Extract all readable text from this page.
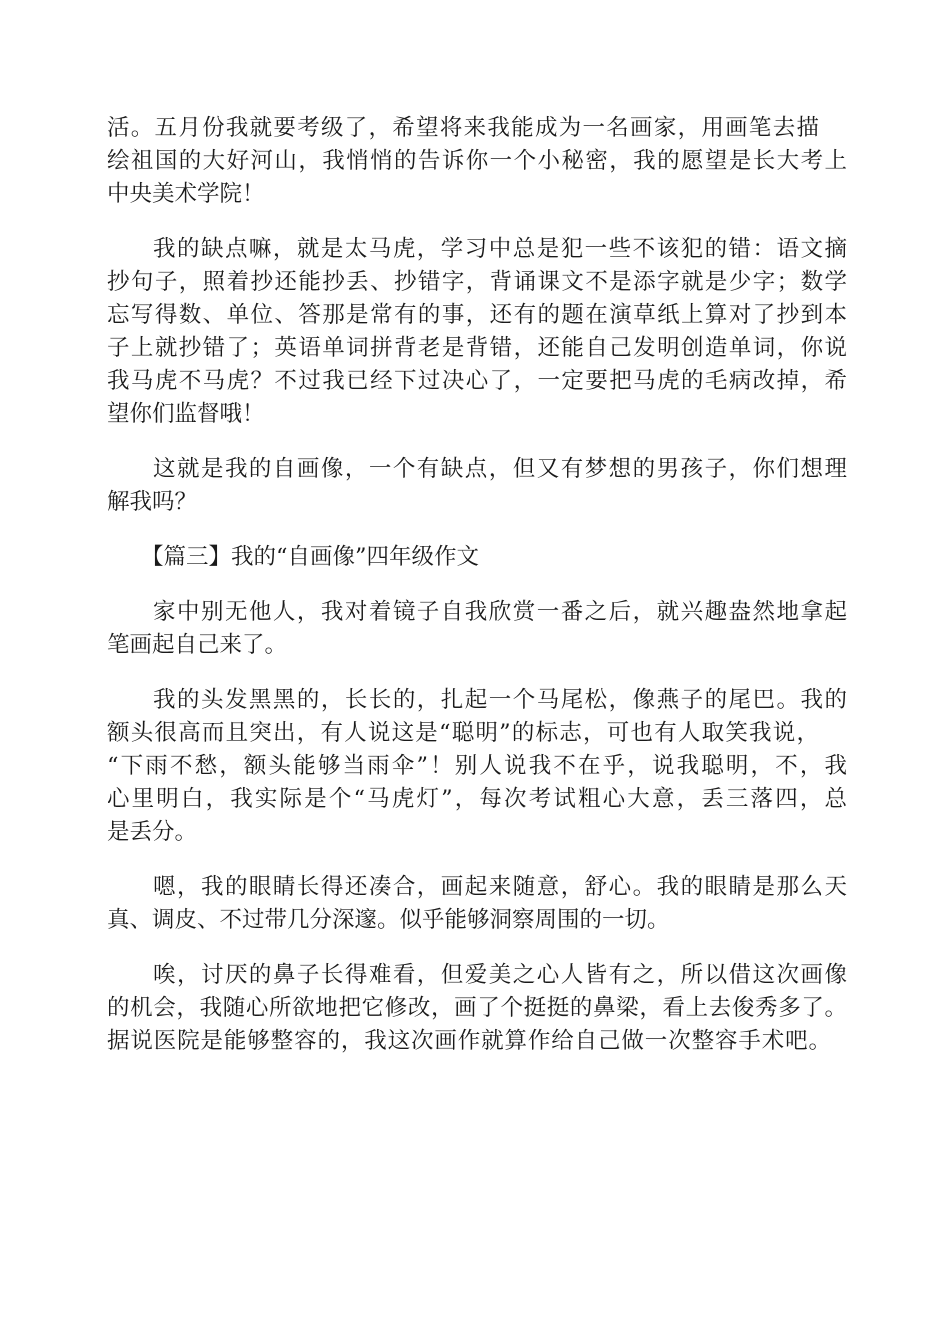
活。五月份我就要考级了，希望将来我能成为一名画家，用画笔去描
绘祖国的大好河山，我悄悄的告诉你一个小秘密，我的愿望是长大考上
中央美术学院！
我的缺点嘛，就是太马虎，学习中总是犯一些不该犯的错：语文摘
抄句子，照着抄还能抄丢、抄错字，背诵课文不是添字就是少字；数学
忘写得数、单位、答那是常有的事，还有的题在演草纸上算对了抄到本
子上就抄错了；英语单词拼背老是背错，还能自己发明创造单词，你说
我马虎不马虎？不过我已经下过决心了，一定要把马虎的毛病改掉，希
望你们监督哦！
这就是我的自画像，一个有缺点，但又有梦想的男孩子，你们想理
解我吗？
【篇三】我的“自画像”四年级作文
家中别无他人，我对着镜子自我欣赏一番之后，就兴趣盎然地拿起
笔画起自己来了。
我的头发黑黑的，长长的，扎起一个马尾松，像燕子的尾巴。我的
额头很高而且突出，有人说这是“聪明”的标志，可也有人取笑我说，
“下雨不愁，额头能够当雨伞”！别人说我不在乎，说我聪明，不，我
心里明白，我实际是个“马虎灯”，每次考试粗心大意，丢三落四，总
是丢分。
嗯，我的眼睛长得还凑合，画起来随意，舒心。我的眼睛是那么天
真、调皮、不过带几分深邃。似乎能够洞察周围的一切。
唉，讨厌的鼻子长得难看，但爱美之心人皆有之，所以借这次画像
的机会，我随心所欲地把它修改，画了个挺挺的鼻梁，看上去俊秀多了。
据说医院是能够整容的，我这次画作就算作给自己做一次整容手术吧。
